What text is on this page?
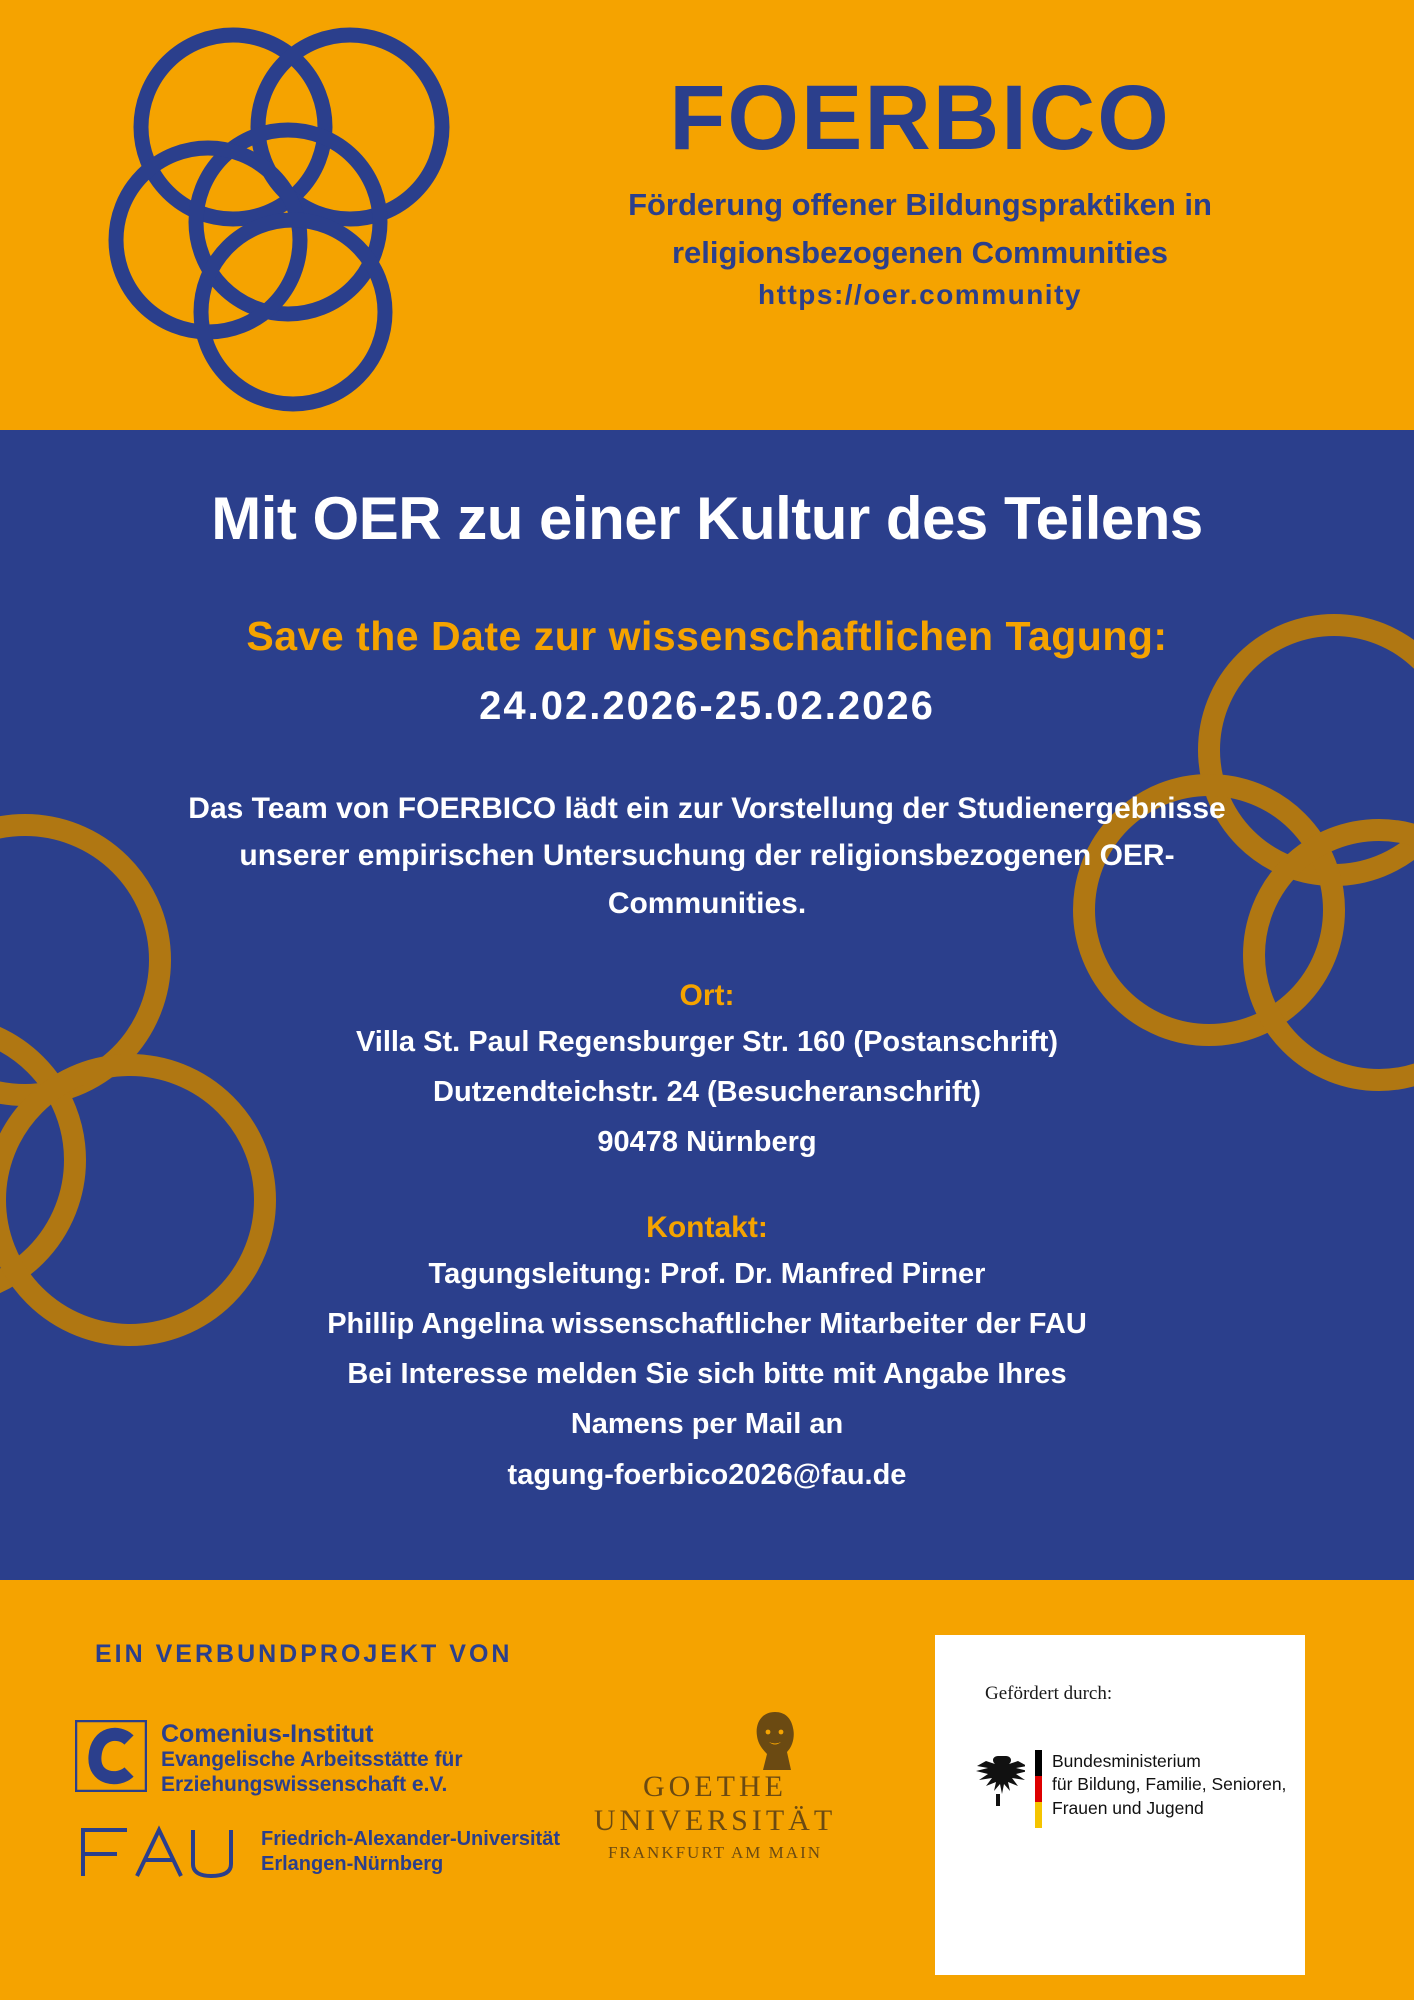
FOERBICO
Förderung offener Bildungspraktiken in
religionsbezogenen Communities
https://oer.community
Mit OER zu einer Kultur des Teilens
Save the Date zur wissenschaftlichen Tagung:
24.02.2026-25.02.2026
Das Team von FOERBICO lädt ein zur Vorstellung der Studienergebnisse unserer empirischen Untersuchung der religionsbezogenen OER-Communities.
Ort:
Villa St. Paul Regensburger Str. 160 (Postanschrift)
Dutzendteichstr. 24 (Besucheranschrift)
90478 Nürnberg
Kontakt:
Tagungsleitung: Prof. Dr. Manfred Pirner
Phillip Angelina wissenschaftlicher Mitarbeiter der FAU
Bei Interesse melden Sie sich bitte mit Angabe Ihres
Namens per Mail an
tagung-foerbico2026@fau.de
EIN VERBUNDPROJEKT VON
Comenius-Institut
Evangelische Arbeitsstätte für
Erziehungswissenschaft e.V.
Friedrich-Alexander-Universität
Erlangen-Nürnberg
GOETHE
UNIVERSITÄT
FRANKFURT AM MAIN
Gefördert durch:
Bundesministerium
für Bildung, Familie, Senioren,
Frauen und Jugend
